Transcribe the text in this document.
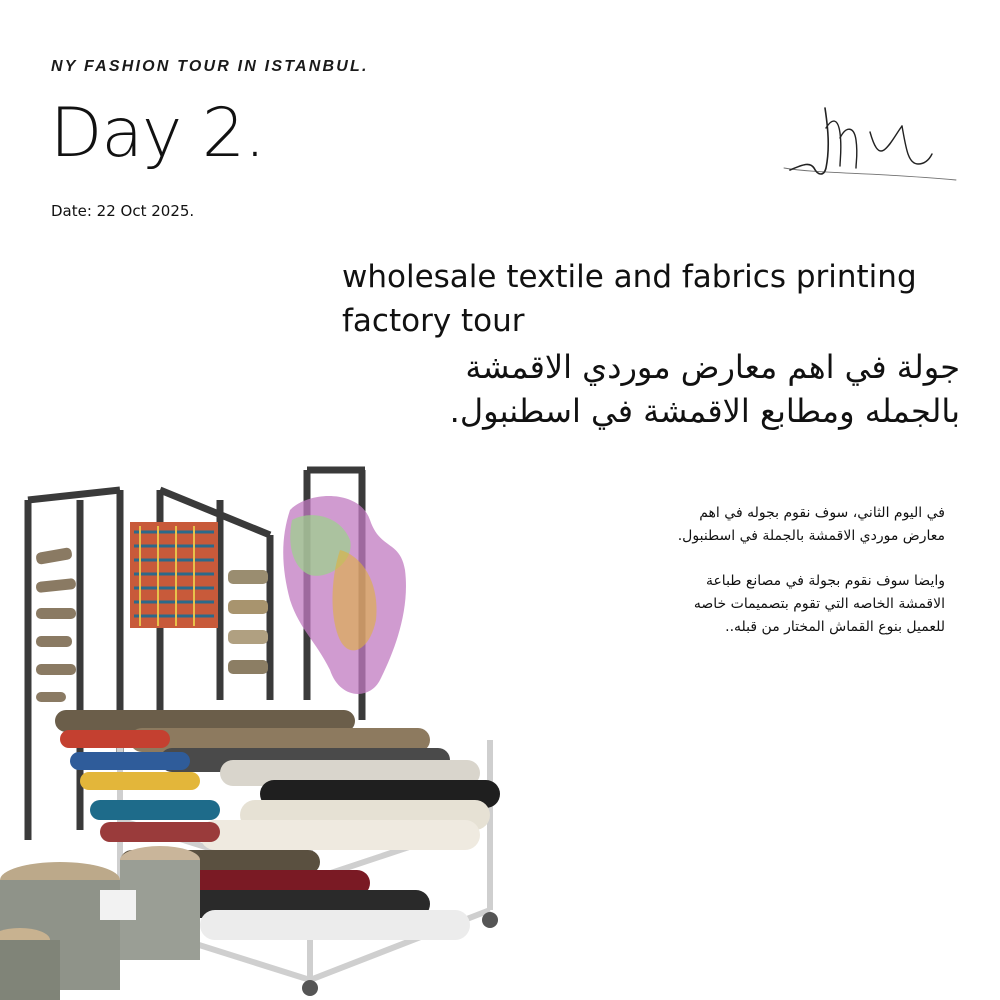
NY FASHION TOUR IN ISTANBUL.
Day 2.
Date: 22 Oct 2025.
wholesale textile and fabrics printing factory tour
جولة في اهم معارض موردي الاقمشة
بالجمله ومطابع الاقمشة في اسطنبول.

في اليوم الثاني، سوف نقوم بجوله في اهم
معارض موردي الاقمشة بالجملة في اسطنبول.

وايضا سوف نقوم بجولة في مصانع طباعة
الاقمشة الخاصه التي تقوم بتصميمات خاصه
للعميل بنوع القماش المختار من قبله..
